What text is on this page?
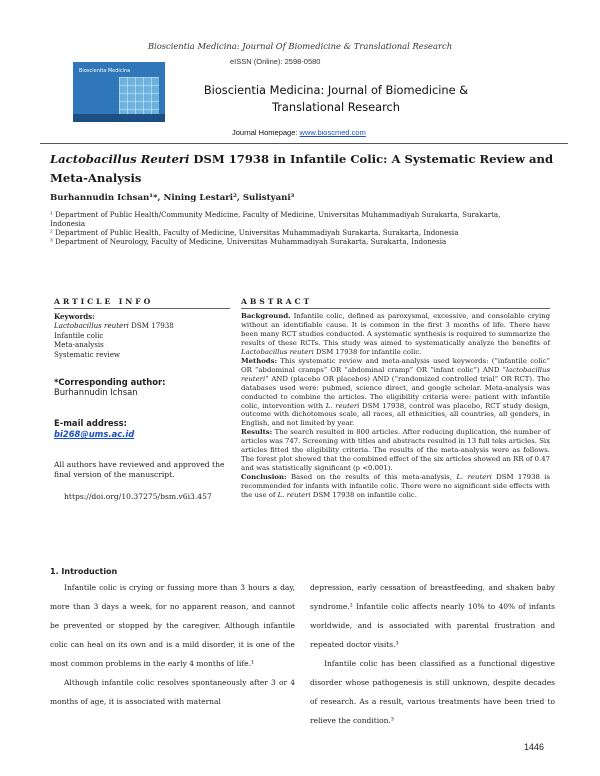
Bioscientia Medicina: Journal Of Biomedicine & Translational Research
Bioscientia Medicina
eISSN (Online): 2598-0580
Bioscientia Medicina: Journal of Biomedicine &
Translational Research
Journal Homepage: www.bioscmed.com
Lactobacillus Reuteri DSM 17938 in Infantile Colic: A Systematic Review and
Meta-Analysis
Burhannudin Ichsan¹*, Nining Lestari², Sulistyani³
¹ Department of Public Health/Community Medicine, Faculty of Medicine, Universitas Muhammadiyah Surakarta, Surakarta,
Indonesia
² Department of Public Health, Faculty of Medicine, Universitas Muhammadiyah Surakarta, Surakarta, Indonesia
³ Department of Neurology, Faculty of Medicine, Universitas Muhammadiyah Surakarta, Surakarta, Indonesia
ARTICLE INFO	ABSTRACT
Keywords:
Lactobacillus reuteri DSM 17938
Infantile colic
Meta-analysis
Systematic review
*Corresponding author:
Burhannudin Ichsan
E-mail address:
bi268@ums.ac.id
All authors have reviewed and approved the final version of the manuscript.
https://doi.org/10.37275/bsm.v6i3.457

Background. Infantile colic, defined as paroxysmal, excessive, and consolable crying without an identifiable cause. It is common in the first 3 months of life. There have been many RCT studies conducted. A systematic synthesis is required to summarize the results of these RCTs. This study was aimed to systematically analyze the benefits of Lactobacillus reuteri DSM 17938 for infantile colic.

Methods: This systematic review and meta-analysis used keywords: (“infantile colic” OR “abdominal cramps” OR “abdominal cramp” OR “infant colic”) AND “lactobacillus reuteri” AND (placebo OR placebos) AND (“randomized controlled trial” OR RCT). The databases used were: pubmed, science direct, and google scholar. Meta-analysis was conducted to combine the articles. The eligibility criteria were: patient with infantile colic, intervention with L. reuteri DSM 17938, control was placebo, RCT study design, outcome with dichotomous scale, all races, all ethnicities, all countries, all genders, in English, and not limited by year.

Results: The search resulted in 800 articles. After reducing duplication, the number of articles was 747. Screening with titles and abstracts resulted in 13 full teks articles. Six articles fitted the eligibility criteria. The results of the meta-analysis were as follows. The forest plot showed that the combined effect of the six articles showed an RR of 0.47 and was statistically significant (p <0.001).

Conclusion: Based on the results of this meta-analysis, L. reuteri DSM 17938 is recommended for infants with infantile colic. There were no significant side effects with the use of L. reuteri DSM 17938 on infantile colic.

1. Introduction

Infantile colic is crying or fussing more than 3 hours a day, more than 3 days a week, for no apparent reason, and cannot be prevented or stopped by the caregiver. Although infantile colic can heal on its own and is a mild disorder, it is one of the most common problems in the early 4 months of life.¹

Although infantile colic resolves spontaneously after 3 or 4 months of age, it is associated with maternal

depression, early cessation of breastfeeding, and shaken baby syndrome.² Infantile colic affects nearly 10% to 40% of infants worldwide, and is associated with parental frustration and repeated doctor visits.³

Infantile colic has been classified as a functional digestive disorder whose pathogenesis is still unknown, despite decades of research. As a result, various treatments have been tried to relieve the condition.³

1446
